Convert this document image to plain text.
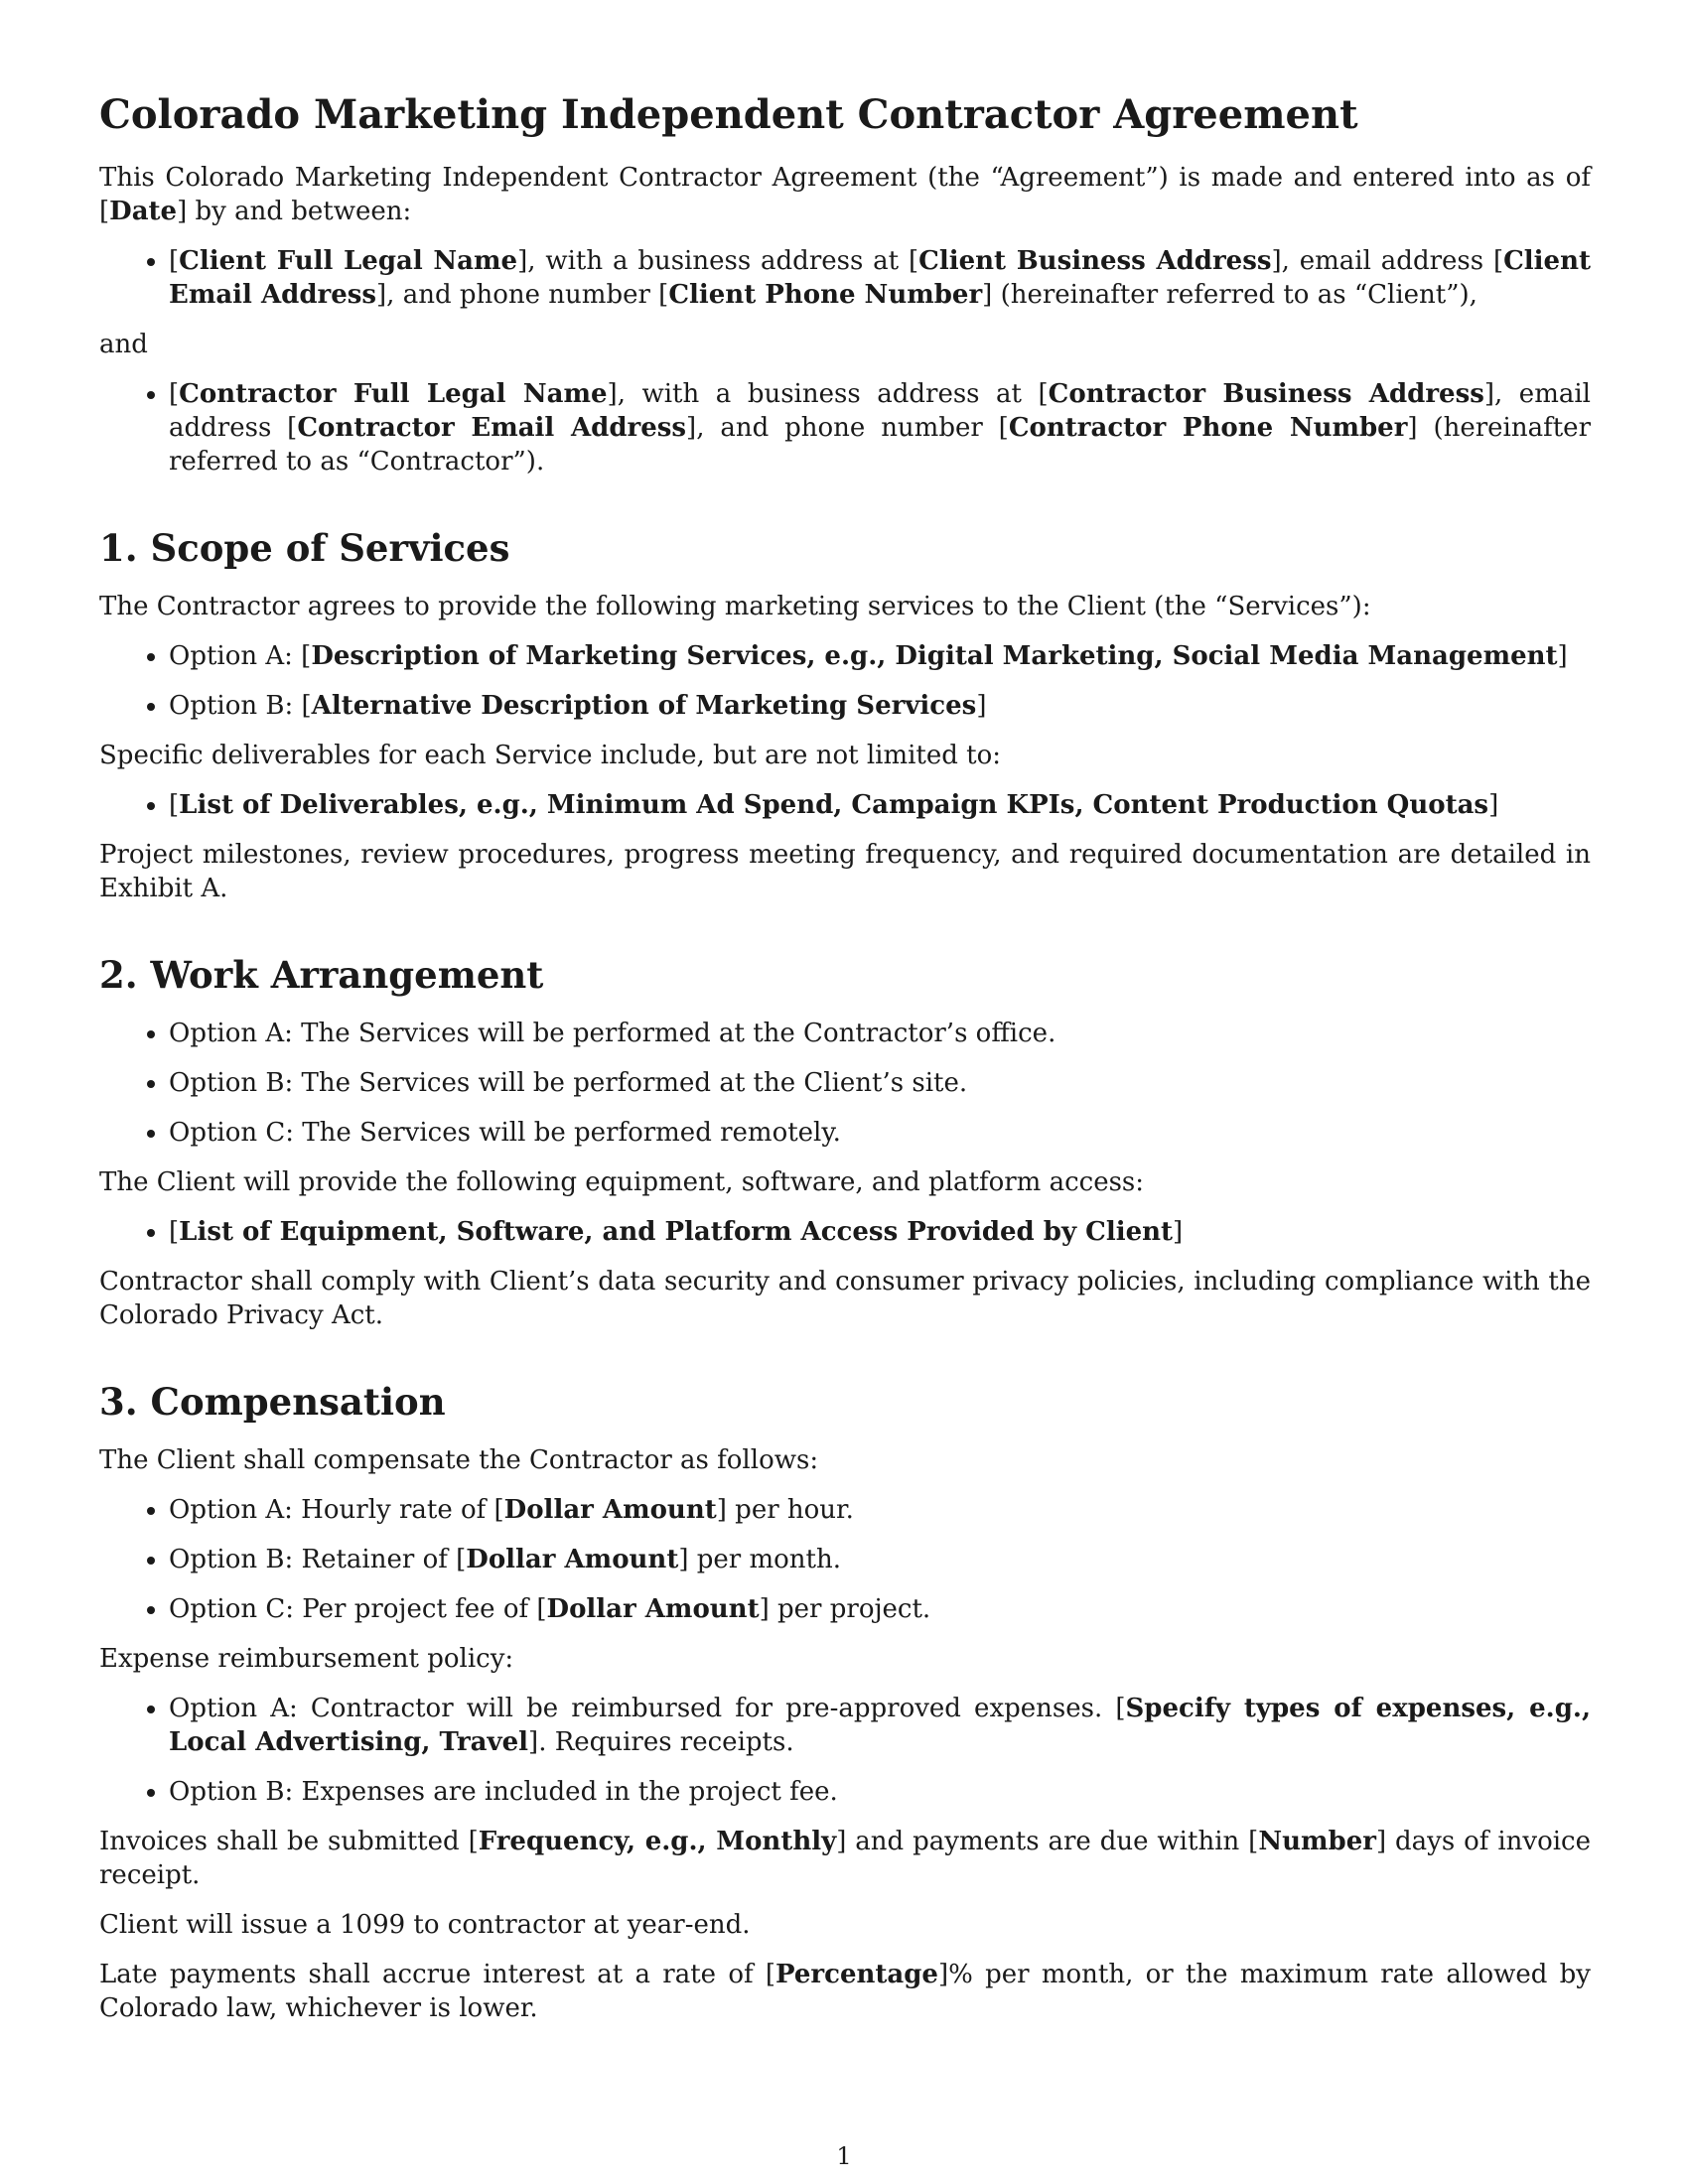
Colorado Marketing Independent Contractor Agreement

This Colorado Marketing Independent Contractor Agreement (the “Agreement”) is made and entered into as of [Date] by and between:

• [Client Full Legal Name], with a business address at [Client Business Address], email address [Client Email Address], and phone number [Client Phone Number] (hereinafter referred to as “Client”),

and

• [Contractor Full Legal Name], with a business address at [Contractor Business Address], email address [Contractor Email Address], and phone number [Contractor Phone Number] (hereinafter referred to as “Contractor”).
1. Scope of Services

The Contractor agrees to provide the following marketing services to the Client (the “Services”):

• Option A: [Description of Marketing Services, e.g., Digital Marketing, Social Media Management]
• Option B: [Alternative Description of Marketing Services]

Specific deliverables for each Service include, but are not limited to:

• [List of Deliverables, e.g., Minimum Ad Spend, Campaign KPIs, Content Production Quotas]

Project milestones, review procedures, progress meeting frequency, and required documentation are detailed in Exhibit A.

2. Work Arrangement
• Option A: The Services will be performed at the Contractor’s office.
• Option B: The Services will be performed at the Client’s site.
• Option C: The Services will be performed remotely.

The Client will provide the following equipment, software, and platform access:

• [List of Equipment, Software, and Platform Access Provided by Client]

Contractor shall comply with Client’s data security and consumer privacy policies, including compliance with the Colorado Privacy Act.

3. Compensation

The Client shall compensate the Contractor as follows:

• Option A: Hourly rate of [Dollar Amount] per hour.
• Option B: Retainer of [Dollar Amount] per month.
• Option C: Per project fee of [Dollar Amount] per project.

Expense reimbursement policy:

• Option A: Contractor will be reimbursed for pre-approved expenses. [Specify types of expenses, e.g., Local Advertising, Travel]. Requires receipts.
• Option B: Expenses are included in the project fee.

Invoices shall be submitted [Frequency, e.g., Monthly] and payments are due within [Number] days of invoice receipt.

Client will issue a 1099 to contractor at year-end.

Late payments shall accrue interest at a rate of [Percentage]% per month, or the maximum rate allowed by Colorado law, whichever is lower.

1
